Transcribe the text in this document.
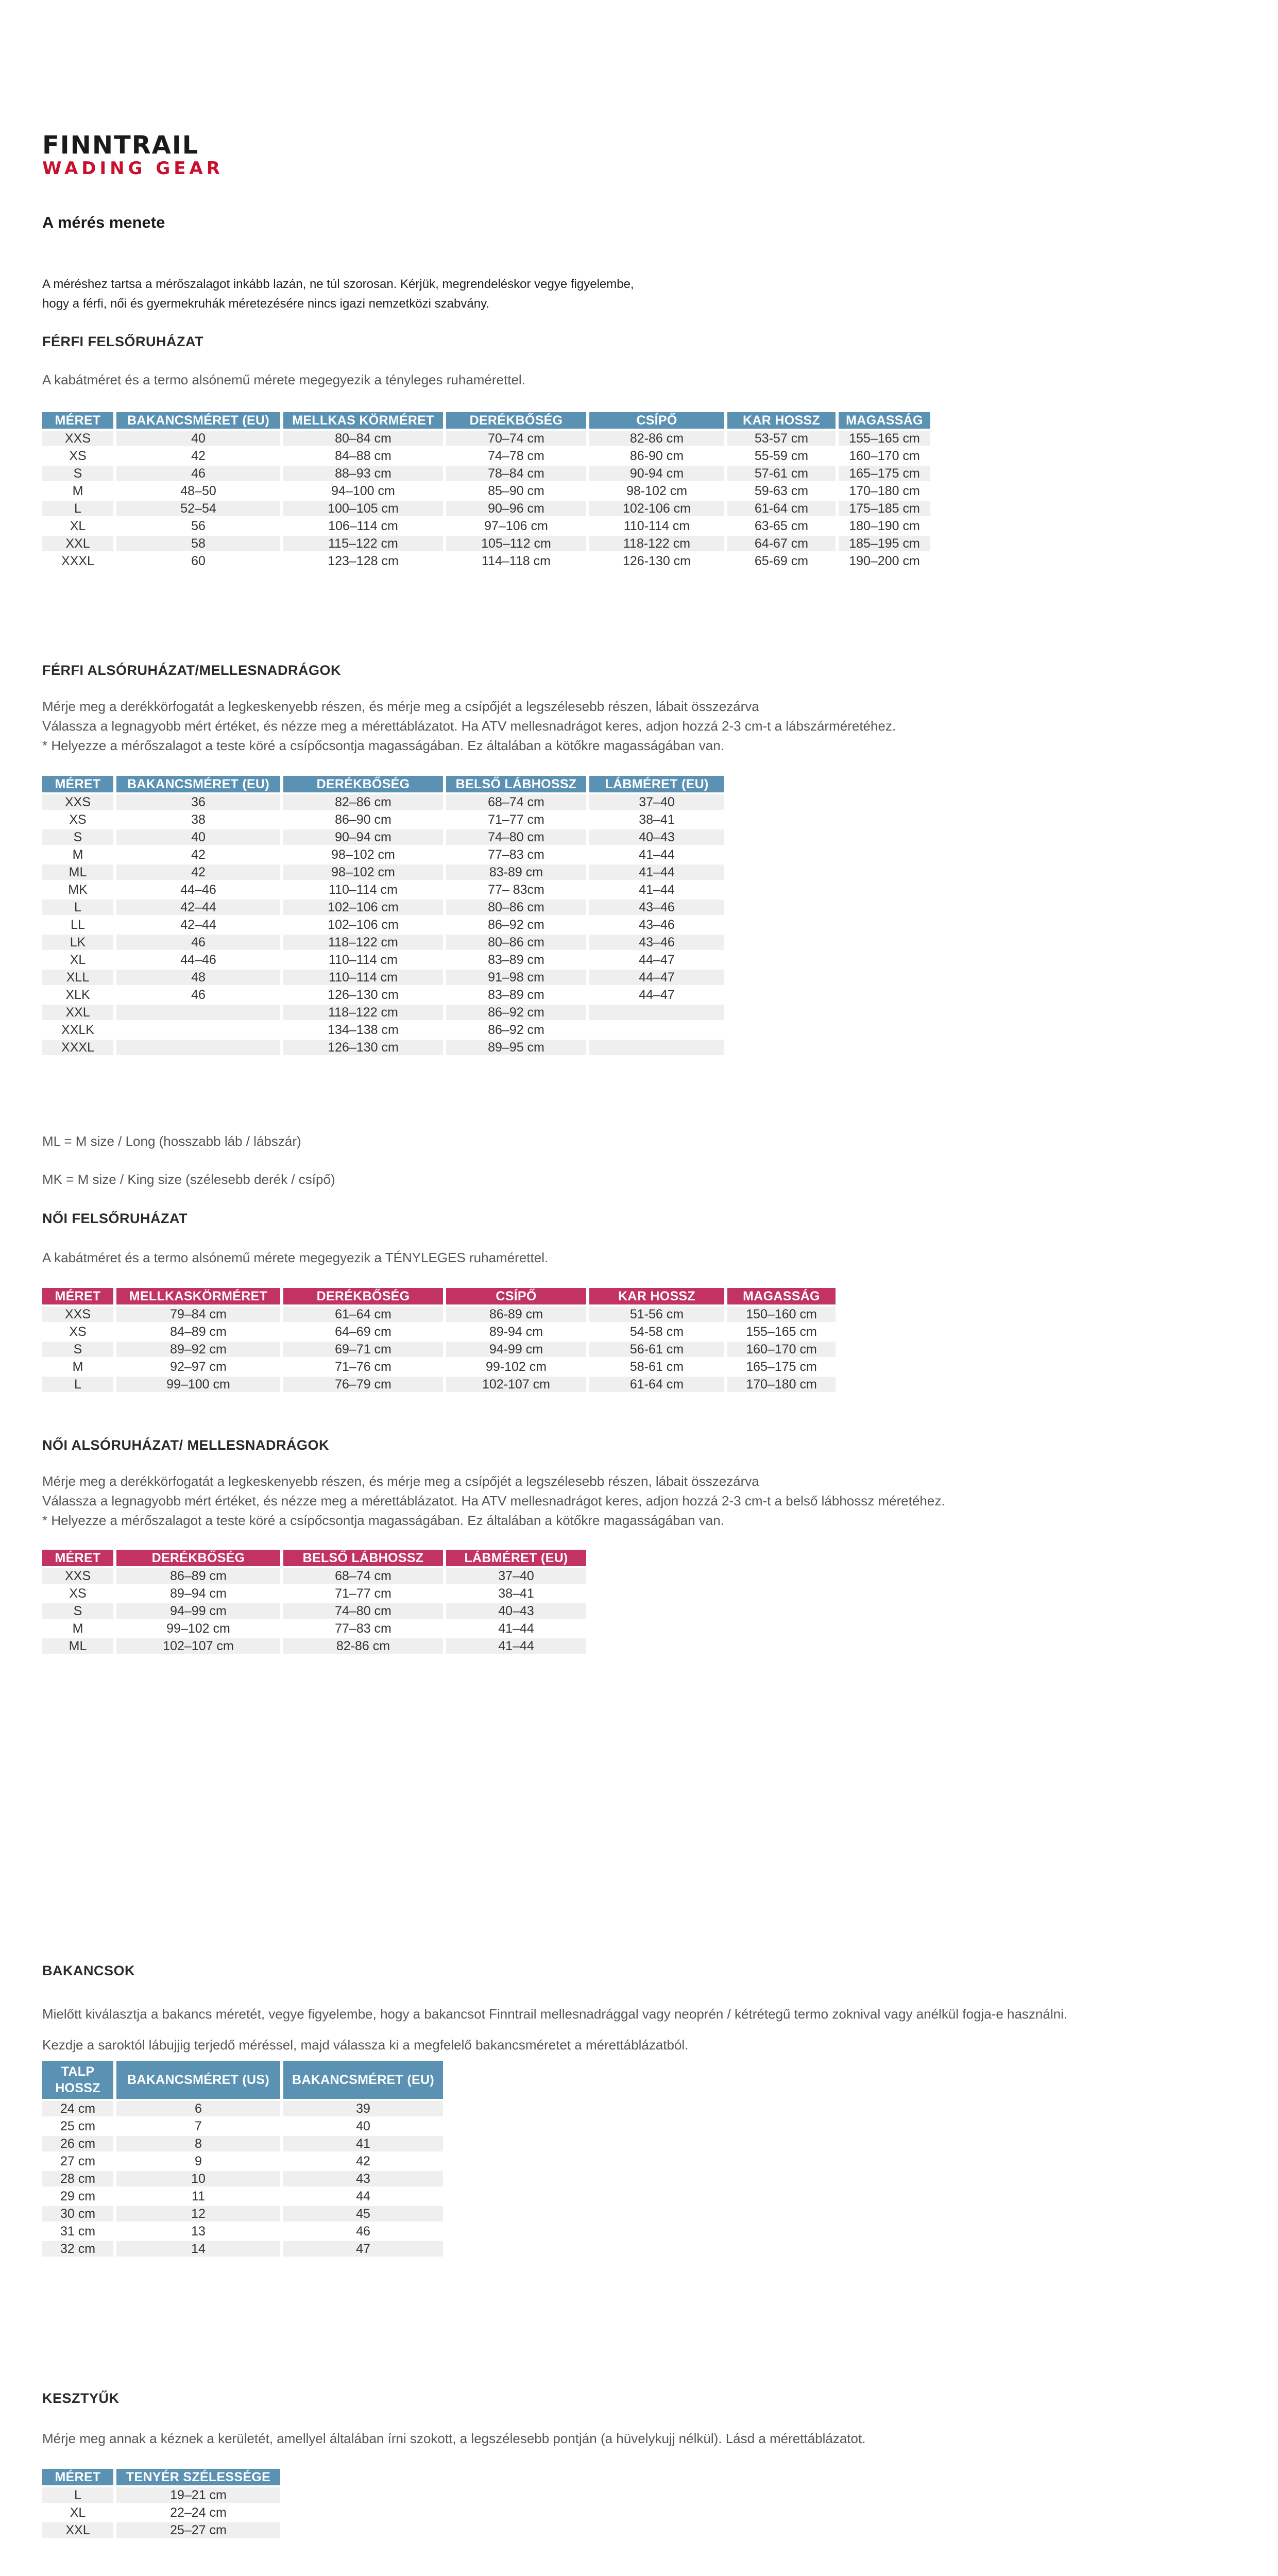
FINNTRAIL
WADING GEAR
A mérés menete
A méréshez tartsa a mérőszalagot inkább lazán, ne túl szorosan. Kérjük, megrendeléskor vegye figyelembe,
hogy a férfi, női és gyermekruhák méretezésére nincs igazi nemzetközi szabvány.
FÉRFI FELSŐRUHÁZAT
A kabátméret és a termo alsónemű mérete megegyezik a tényleges ruhamérettel.
MÉRET	BAKANCSMÉRET (EU)	MELLKAS KÖRMÉRET	DERÉKBŐSÉG	CSÍPŐ	KAR HOSSZ	MAGASSÁG
XXS	40	80–84 cm	70–74 cm	82-86 cm	53-57 cm	155–165 cm
XS	42	84–88 cm	74–78 cm	86-90 cm	55-59 cm	160–170 cm
S	46	88–93 cm	78–84 cm	90-94 cm	57-61 cm	165–175 cm
M	48–50	94–100 cm	85–90 cm	98-102 cm	59-63 cm	170–180 cm
L	52–54	100–105 cm	90–96 cm	102-106 cm	61-64 cm	175–185 cm
XL	56	106–114 cm	97–106 cm	110-114 cm	63-65 cm	180–190 cm
XXL	58	115–122 cm	105–112 cm	118-122 cm	64-67 cm	185–195 cm
XXXL	60	123–128 cm	114–118 cm	126-130 cm	65-69 cm	190–200 cm
FÉRFI ALSÓRUHÁZAT/MELLESNADRÁGOK
Mérje meg a derékkörfogatát a legkeskenyebb részen, és mérje meg a csípőjét a legszélesebb részen, lábait összezárva
Válassza a legnagyobb mért értéket, és nézze meg a mérettáblázatot. Ha ATV mellesnadrágot keres, adjon hozzá 2-3 cm-t a lábszárméretéhez.
* Helyezze a mérőszalagot a teste köré a csípőcsontja magasságában. Ez általában a kötőkre magasságában van.
MÉRET	BAKANCSMÉRET (EU)	DERÉKBŐSÉG	BELSŐ LÁBHOSSZ	LÁBMÉRET (EU)
XXS	36	82–86 cm	68–74 cm	37–40
XS	38	86–90 cm	71–77 cm	38–41
S	40	90–94 cm	74–80 cm	40–43
M	42	98–102 cm	77–83 cm	41–44
ML	42	98–102 cm	83-89 cm	41–44
MK	44–46	110–114 cm	77– 83cm	41–44
L	42–44	102–106 cm	80–86 cm	43–46
LL	42–44	102–106 cm	86–92 cm	43–46
LK	46	118–122 cm	80–86 cm	43–46
XL	44–46	110–114 cm	83–89 cm	44–47
XLL	48	110–114 cm	91–98 cm	44–47
XLK	46	126–130 cm	83–89 cm	44–47
XXL		118–122 cm	86–92 cm	
XXLK		134–138 cm	86–92 cm	
XXXL		126–130 cm	89–95 cm	
ML = M size / Long (hosszabb láb / lábszár)
MK = M size / King size (szélesebb derék / csípő)
NŐI FELSŐRUHÁZAT
A kabátméret és a termo alsónemű mérete megegyezik a TÉNYLEGES ruhamérettel.
MÉRET	MELLKASKÖRMÉRET	DERÉKBŐSÉG	CSÍPŐ	KAR HOSSZ	MAGASSÁG
XXS	79–84 cm	61–64 cm	86-89 cm	51-56 cm	150–160 cm
XS	84–89 cm	64–69 cm	89-94 cm	54-58 cm	155–165 cm
S	89–92 cm	69–71 cm	94-99 cm	56-61 cm	160–170 cm
M	92–97 cm	71–76 cm	99-102 cm	58-61 cm	165–175 cm
L	99–100 cm	76–79 cm	102-107 cm	61-64 cm	170–180 cm
NŐI ALSÓRUHÁZAT/ MELLESNADRÁGOK
Mérje meg a derékkörfogatát a legkeskenyebb részen, és mérje meg a csípőjét a legszélesebb részen, lábait összezárva
Válassza a legnagyobb mért értéket, és nézze meg a mérettáblázatot. Ha ATV mellesnadrágot keres, adjon hozzá 2-3 cm-t a belső lábhossz méretéhez.
* Helyezze a mérőszalagot a teste köré a csípőcsontja magasságában. Ez általában a kötőkre magasságában van.
MÉRET	DERÉKBŐSÉG	BELSŐ LÁBHOSSZ	LÁBMÉRET (EU)
XXS	86–89 cm	68–74 cm	37–40
XS	89–94 cm	71–77 cm	38–41
S	94–99 cm	74–80 cm	40–43
M	99–102 cm	77–83 cm	41–44
ML	102–107 cm	82-86 cm	41–44
BAKANCSOK
Mielőtt kiválasztja a bakancs méretét, vegye figyelembe, hogy a bakancsot Finntrail mellesnadrággal vagy neoprén / kétrétegű termo zoknival vagy anélkül fogja-e használni.
Kezdje a saroktól lábujjig terjedő méréssel, majd válassza ki a megfelelő bakancsméretet a mérettáblázatból.
TALP HOSSZ	BAKANCSMÉRET (US)	BAKANCSMÉRET (EU)
24 cm	6	39
25 cm	7	40
26 cm	8	41
27 cm	9	42
28 cm	10	43
29 cm	11	44
30 cm	12	45
31 cm	13	46
32 cm	14	47
KESZTYŰK
Mérje meg annak a kéznek a kerületét, amellyel általában írni szokott, a legszélesebb pontján (a hüvelykujj nélkül). Lásd a mérettáblázatot.
MÉRET	TENYÉR SZÉLESSÉGE
L	19–21 cm
XL	22–24 cm
XXL	25–27 cm
